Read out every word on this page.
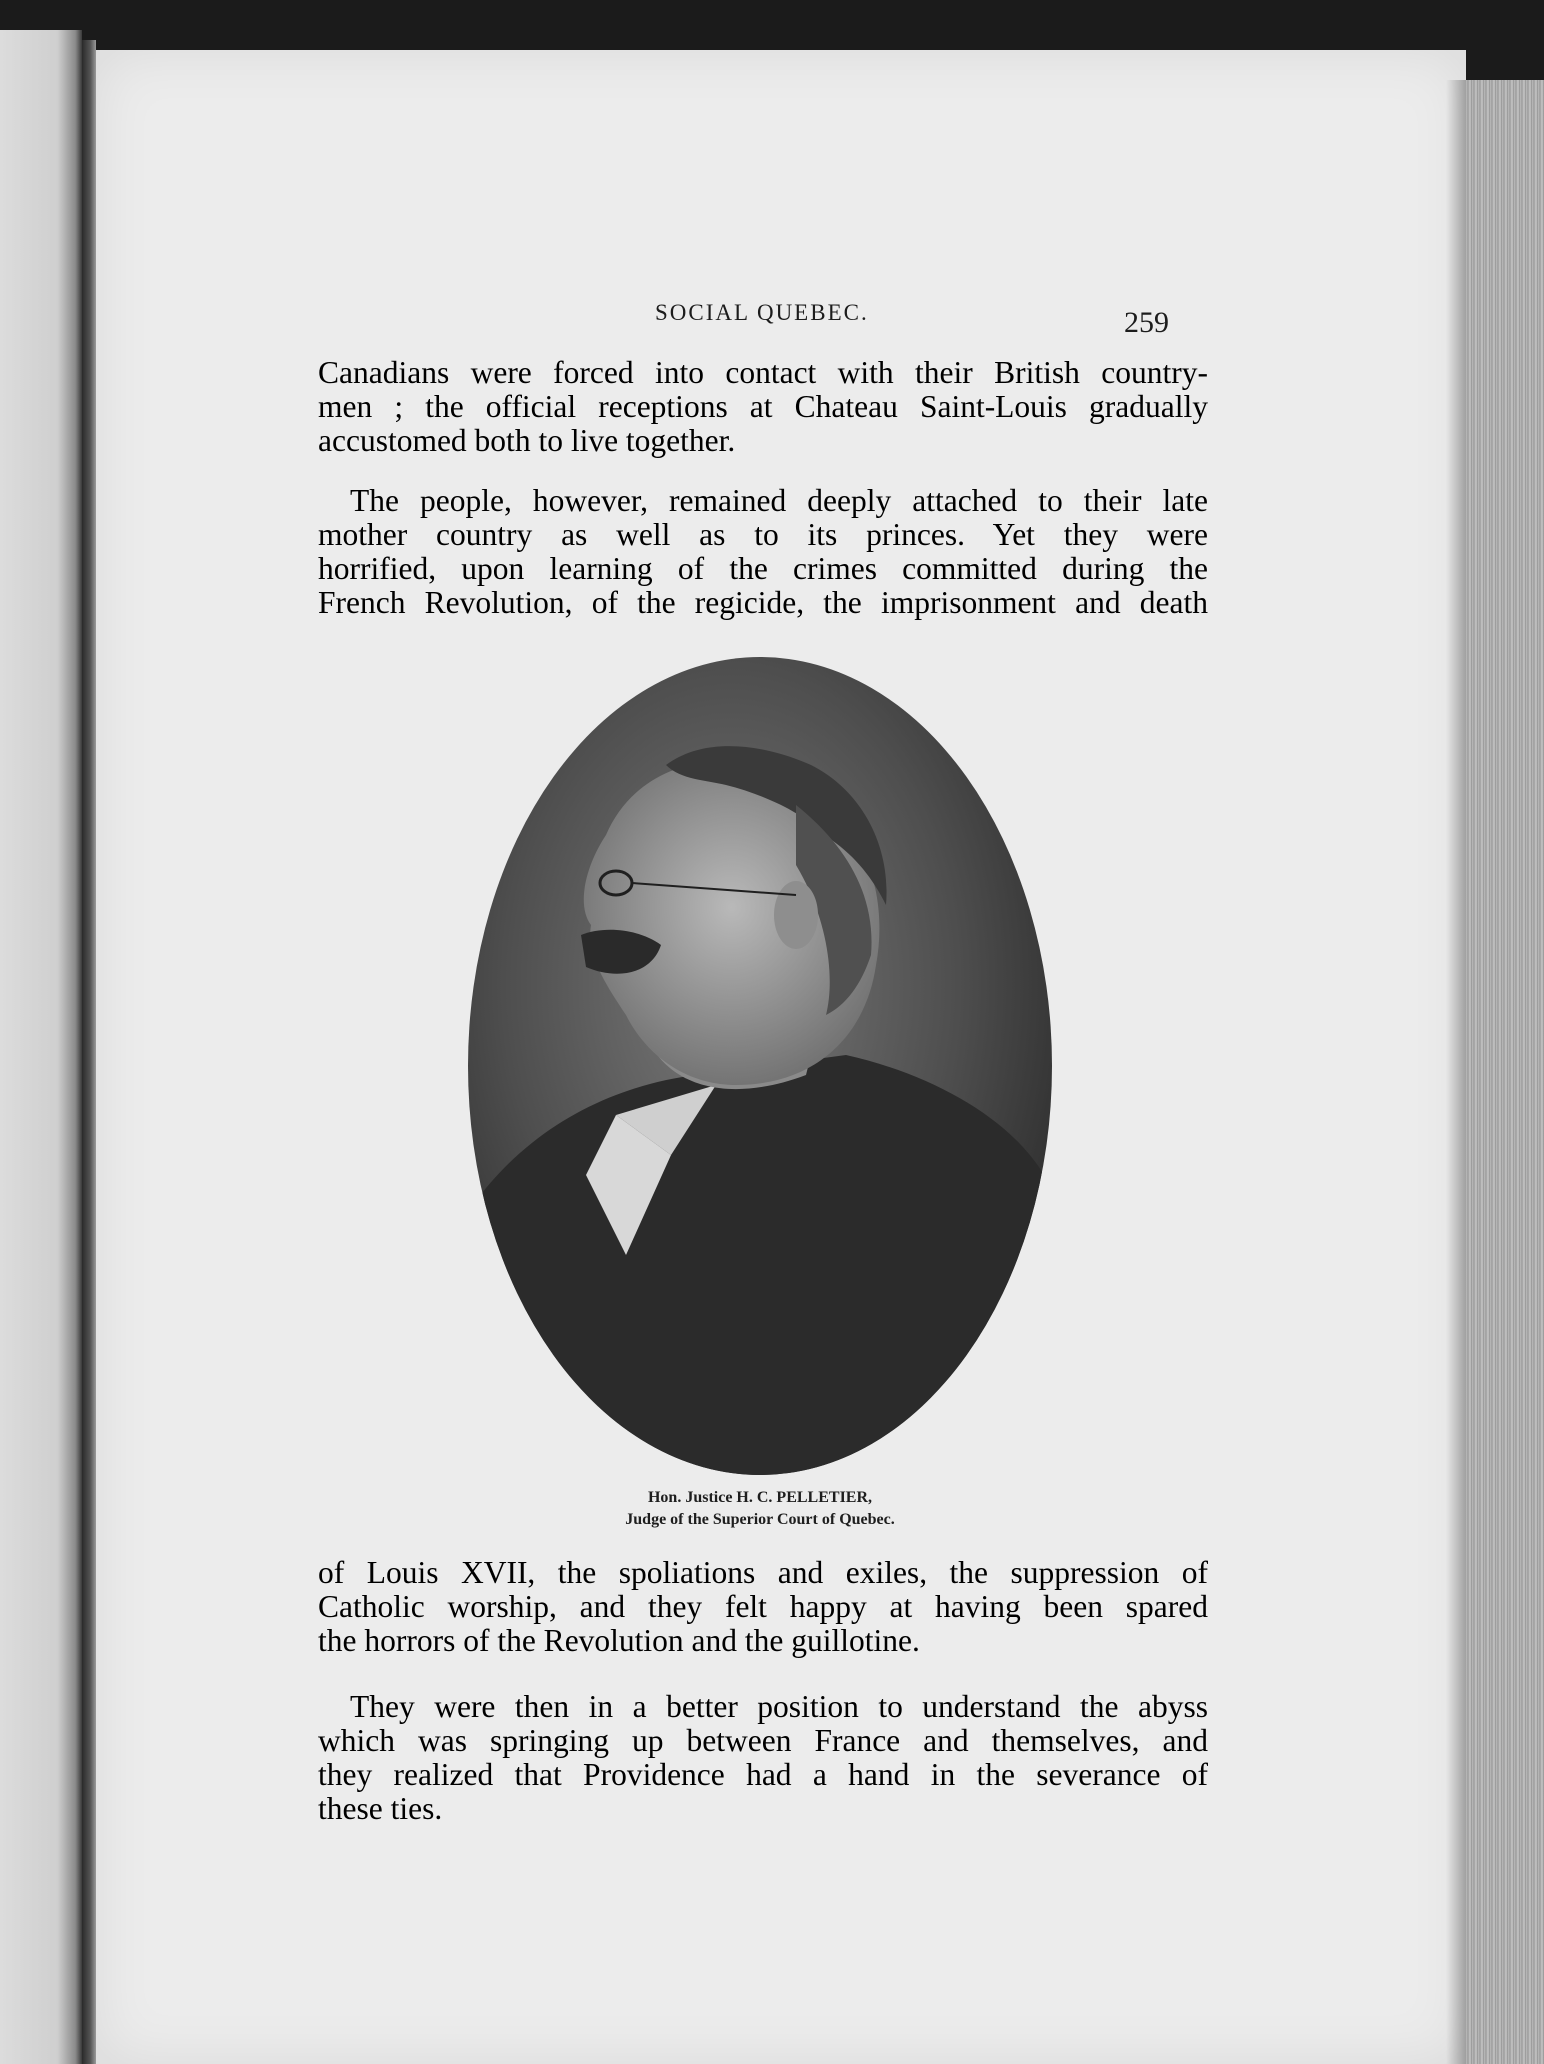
SOCIAL QUEBEC.	259
Canadians were forced into contact with their British country-
men ; the official receptions at Chateau Saint-Louis gradually
accustomed both to live together.
The people, however, remained deeply attached to their late
mother country as well as to its princes. Yet they were
horrified, upon learning of the crimes committed during the
French Revolution, of the regicide, the imprisonment and death
Hon. Justice H. C. PELLETIER,
Judge of the Superior Court of Quebec.
of Louis XVII, the spoliations and exiles, the suppression of
Catholic worship, and they felt happy at having been spared
the horrors of the Revolution and the guillotine.
They were then in a better position to understand the abyss
which was springing up between France and themselves, and
they realized that Providence had a hand in the severance of
these ties.
